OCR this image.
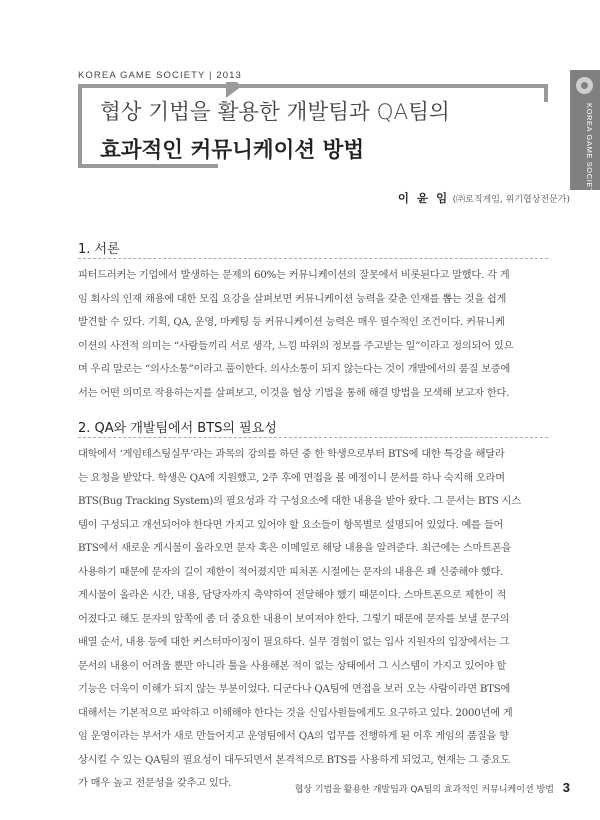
KOREA GAME SOCIETY | 2013
협상 기법을 활용한 개발팀과 QA팀의
효과적인 커뮤니케이션 방법	KOREA GAME SOCIETY
이 윤 임 (㈜로직게임, 위기협상전문가)
1. 서론
피터드러커는 기업에서 발생하는 문제의 60%는 커뮤니케이션의 잘못에서 비롯된다고 말했다. 각 게
임 회사의 인재 채용에 대한 모집 요강을 살펴보면 커뮤니케이션 능력을 갖춘 인재를 뽑는 것을 쉽게
발견할 수 있다. 기획, QA, 운영, 마케팅 등 커뮤니케이션 능력은 매우 필수적인 조건이다. 커뮤니케
이션의 사전적 의미는 “사람들끼리 서로 생각, 느낌 따위의 정보를 주고받는 일”이라고 정의되어 있으
며 우리 말로는 “의사소통”이라고 풀이한다. 의사소통이 되지 않는다는 것이 개발에서의 품질 보증에
서는 어떤 의미로 작용하는지를 살펴보고, 이것을 협상 기법을 통해 해결 방법을 모색해 보고자 한다.
2. QA와 개발팀에서 BTS의 필요성
대학에서 ‘게임테스팅실무’라는 과목의 강의를 하던 중 한 학생으로부터 BTS에 대한 특강을 해달라
는 요청을 받았다. 학생은 QA에 지원했고, 2주 후에 면접을 볼 예정이니 문서를 하나 숙지해 오라며
BTS(Bug Tracking System)의 필요성과 각 구성요소에 대한 내용을 받아 왔다. 그 문서는 BTS 시스
템이 구성되고 개선되어야 한다면 가지고 있어야 할 요소들이 항목별로 설명되어 있었다. 예를 들어
BTS에서 새로운 게시물이 올라오면 문자 혹은 이메일로 해당 내용을 알려준다. 최근에는 스마트폰을
사용하기 때문에 문자의 길이 제한이 적어졌지만 피처폰 시절에는 문자의 내용은 꽤 신중해야 했다.
게시물이 올라온 시간, 내용, 담당자까지 축약하여 전달해야 했기 때문이다. 스마트폰으로 제한이 적
어졌다고 해도 문자의 앞쪽에 좀 더 중요한 내용이 보여져야 한다. 그렇기 때문에 문자를 보낼 문구의
배열 순서, 내용 등에 대한 커스터마이징이 필요하다. 실무 경험이 없는 입사 지원자의 입장에서는 그
문서의 내용이 어려울 뿐만 아니라 툴을 사용해본 적이 없는 상태에서 그 시스템이 가지고 있어야 할
기능은 더욱이 이해가 되지 않는 부분이었다. 디군다나 QA팀에 면접을 보러 오는 사람이라면 BTS에
대해서는 기본적으로 파악하고 이해해야 한다는 것을 신입사원들에게도 요구하고 있다. 2000년에 게
임 운영이라는 부서가 새로 만들어지고 운영팀에서 QA의 업무를 진행하게 된 이후 게임의 품질을 향
상시킬 수 있는 QA팀의 필요성이 대두되면서 본격적으로 BTS를 사용하게 되었고, 현재는 그 중요도
가 매우 높고 전문성을 갖추고 있다.
협상 기법을 활용한 개발팀과 QA팀의 효과적인 커뮤니케이션 방법 3
